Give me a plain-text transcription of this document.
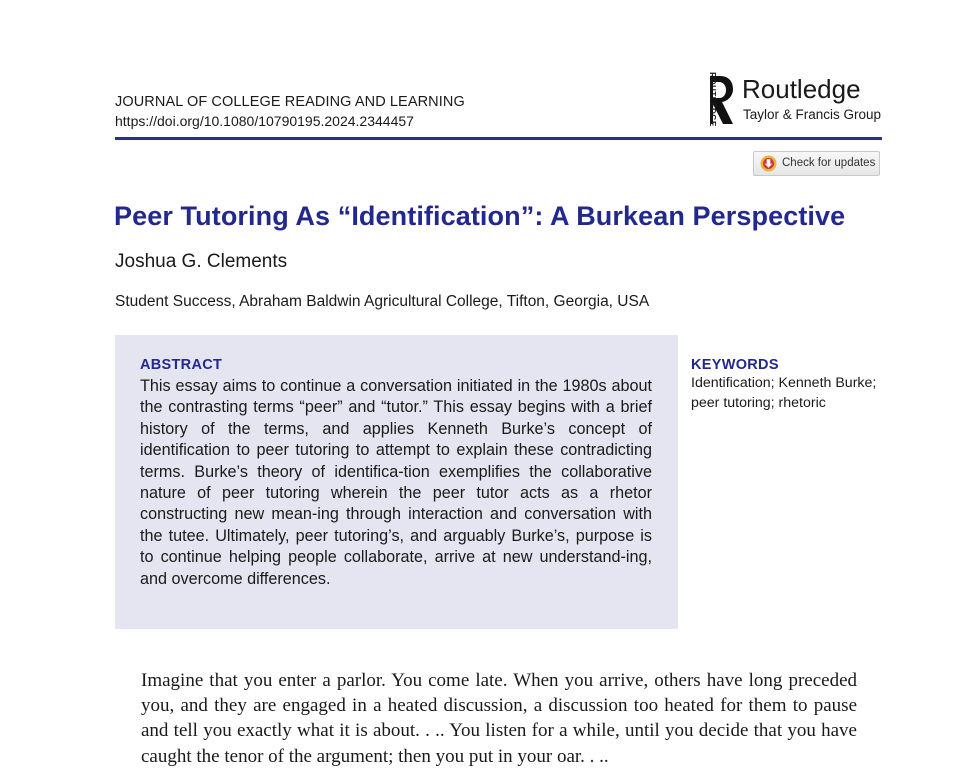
JOURNAL OF COLLEGE READING AND LEARNING
https://doi.org/10.1080/10790195.2024.2344457	ROUTLEDGE Routledge
Taylor & Francis Group
Check for updates
Peer Tutoring As “Identification”: A Burkean Perspective
Joshua G. Clements
Student Success, Abraham Baldwin Agricultural College, Tifton, Georgia, USA
ABSTRACT

This essay aims to continue a conversation initiated in the 1980s about the contrasting terms “peer” and “tutor.” This essay begins with a brief history of the terms, and applies Kenneth Burke’s concept of identification to peer tutoring to attempt to explain these contradicting terms. Burke’s theory of identifica-tion exemplifies the collaborative nature of peer tutoring wherein the peer tutor acts as a rhetor constructing new mean-ing through interaction and conversation with the tutee. Ultimately, peer tutoring’s, and arguably Burke’s, purpose is to continue helping people collaborate, arrive at new understand-ing, and overcome differences.

KEYWORDS
Identification; Kenneth Burke; peer tutoring; rhetoric

Imagine that you enter a parlor. You come late. When you arrive, others have long preceded you, and they are engaged in a heated discussion, a discussion too heated for them to pause and tell you exactly what it is about. . .. You listen for a while, until you decide that you have caught the tenor of the argument; then you put in your oar. . ..
